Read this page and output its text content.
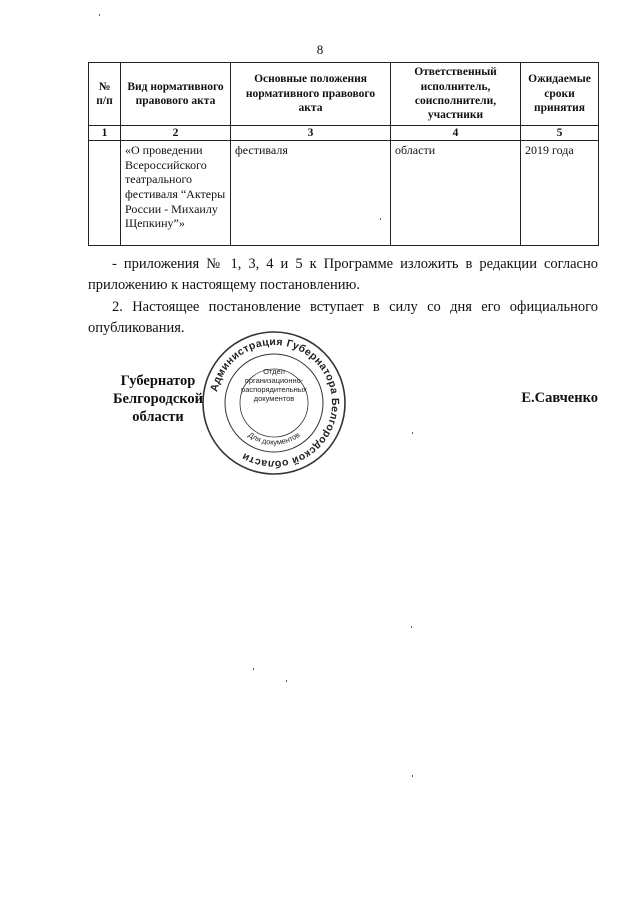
8
№ п/п	Вид нормативного правового акта	Основные положения нормативного правового акта	Ответственный исполнитель, соисполнители, участники	Ожидаемые сроки принятия
1	2	3	4	5
	«О проведении Всероссийского театрального фестиваля “Актеры России - Михаилу Щепкину”»	фестиваля	области	2019 года
- приложения № 1, 3, 4 и 5 к Программе изложить в редакции согласно приложению к настоящему постановлению.
2. Настоящее постановление вступает в силу со дня его официального опубликования.
Губернатор
Белгородской области
Е.Савченко
Администрация Губернатора Белгородской области
Для документов
Отдел
организационно-
распорядительных
документов
